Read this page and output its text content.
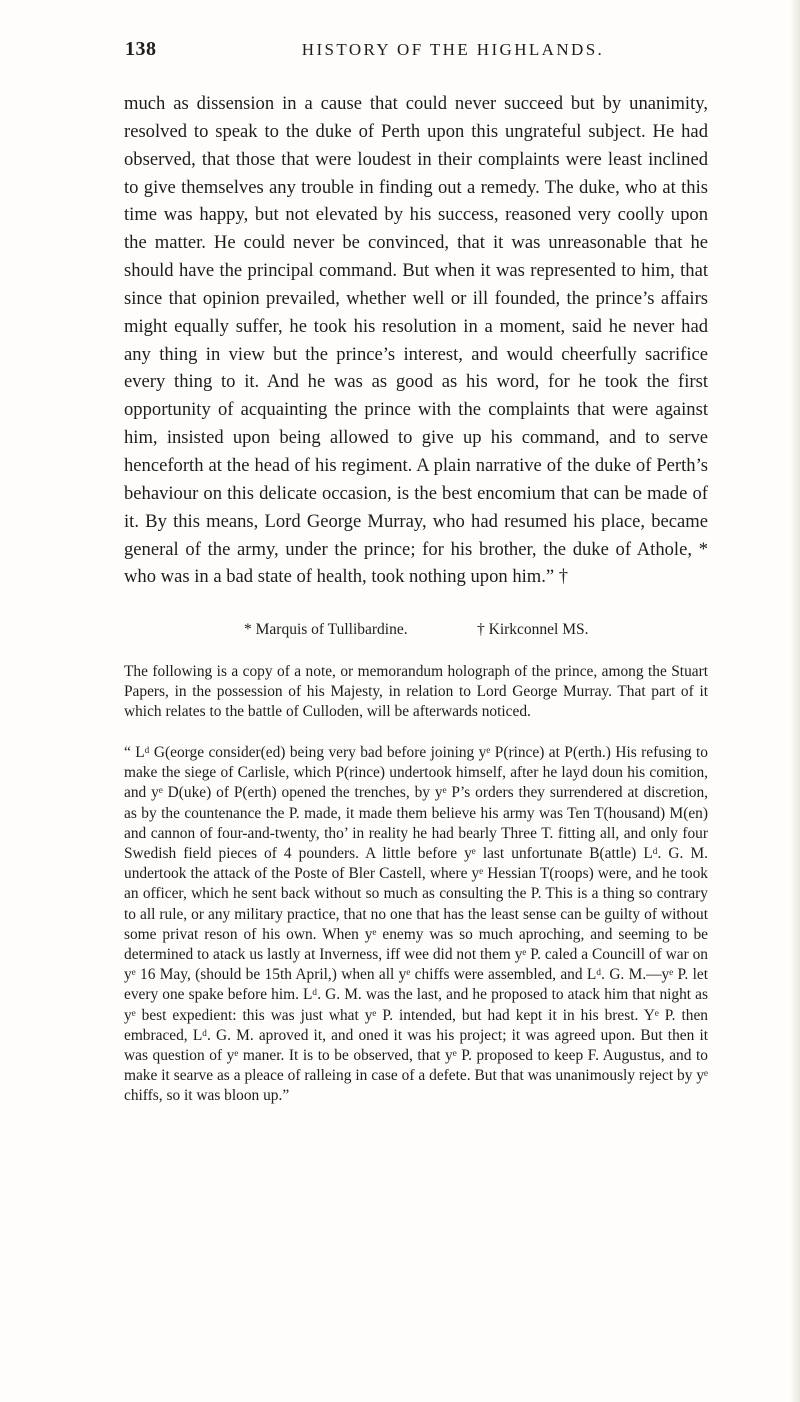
138	HISTORY OF THE HIGHLANDS.

much as dissension in a cause that could never succeed but by unanimity, resolved to speak to the duke of Perth upon this ungrateful subject. He had observed, that those that were loudest in their complaints were least inclined to give themselves any trouble in finding out a remedy. The duke, who at this time was happy, but not elevated by his success, reasoned very coolly upon the matter. He could never be convinced, that it was unreasonable that he should have the principal command. But when it was represented to him, that since that opinion prevailed, whether well or ill founded, the prince’s affairs might equally suffer, he took his resolution in a moment, said he never had any thing in view but the prince’s interest, and would cheerfully sacrifice every thing to it. And he was as good as his word, for he took the first opportunity of acquainting the prince with the complaints that were against him, insisted upon being allowed to give up his command, and to serve henceforth at the head of his regiment. A plain narrative of the duke of Perth’s behaviour on this delicate occasion, is the best encomium that can be made of it. By this means, Lord George Murray, who had resumed his place, became general of the army, under the prince; for his brother, the duke of Athole, * who was in a bad state of health, took nothing upon him.” †

* Marquis of Tullibardine.	† Kirkconnel MS.

The following is a copy of a note, or memorandum holograph of the prince, among the Stuart Papers, in the possession of his Majesty, in relation to Lord George Murray. That part of it which relates to the battle of Culloden, will be afterwards noticed.

“ Lᵈ G(eorge consider(ed) being very bad before joining yᵉ P(rince) at P(erth.) His refusing to make the siege of Carlisle, which P(rince) undertook himself, after he layd doun his comition, and yᵉ D(uke) of P(erth) opened the trenches, by yᵉ P’s orders they surrendered at discretion, as by the countenance the P. made, it made them believe his army was Ten T(housand) M(en) and cannon of four-and-twenty, tho’ in reality he had bearly Three T. fitting all, and only four Swedish field pieces of 4 pounders. A little before yᵉ last unfortunate B(attle) Lᵈ. G. M. undertook the attack of the Poste of Bler Castell, where yᵉ Hessian T(roops) were, and he took an officer, which he sent back without so much as consulting the P. This is a thing so contrary to all rule, or any military practice, that no one that has the least sense can be guilty of without some privat reson of his own. When yᵉ enemy was so much aproching, and seeming to be determined to atack us lastly at Inverness, iff wee did not them yᵉ P. caled a Councill of war on yᵉ 16 May, (should be 15th April,) when all yᵉ chiffs were assembled, and Lᵈ. G. M.—yᵉ P. let every one spake before him. Lᵈ. G. M. was the last, and he proposed to atack him that night as yᵉ best expedient: this was just what yᵉ P. intended, but had kept it in his brest. Yᵉ P. then embraced, Lᵈ. G. M. aproved it, and oned it was his project; it was agreed upon. But then it was question of yᵉ maner. It is to be observed, that yᵉ P. proposed to keep F. Augustus, and to make it searve as a pleace of ralleing in case of a defete. But that was unanimously reject by yᵉ chiffs, so it was bloon up.”
